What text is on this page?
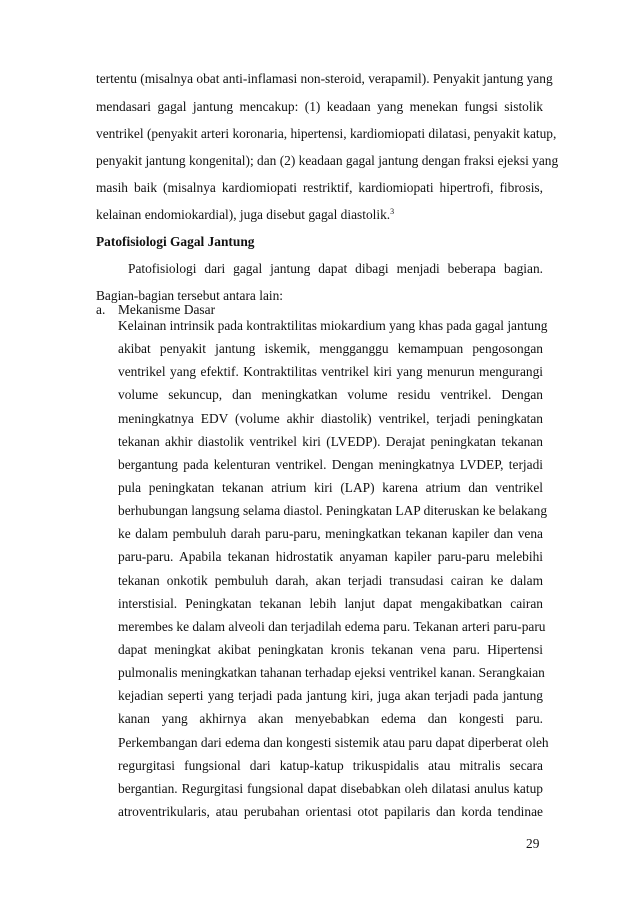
tertentu (misalnya obat anti-inflamasi non-steroid, verapamil). Penyakit jantung yang
mendasari gagal jantung mencakup: (1) keadaan yang menekan fungsi sistolik
ventrikel (penyakit arteri koronaria, hipertensi, kardiomiopati dilatasi, penyakit katup,
penyakit jantung kongenital); dan (2) keadaan gagal jantung dengan fraksi ejeksi yang
masih baik (misalnya kardiomiopati restriktif, kardiomiopati hipertrofi, fibrosis,
kelainan endomiokardial), juga disebut gagal diastolik.$^3$
Patofisiologi Gagal Jantung
Patofisiologi dari gagal jantung dapat dibagi menjadi beberapa bagian.
Bagian-bagian tersebut antara lain:
a. Mekanisme Dasar
Kelainan intrinsik pada kontraktilitas miokardium yang khas pada gagal jantung
akibat penyakit jantung iskemik, mengganggu kemampuan pengosongan
ventrikel yang efektif. Kontraktilitas ventrikel kiri yang menurun mengurangi
volume sekuncup, dan meningkatkan volume residu ventrikel. Dengan
meningkatnya EDV (volume akhir diastolik) ventrikel, terjadi peningkatan
tekanan akhir diastolik ventrikel kiri (LVEDP). Derajat peningkatan tekanan
bergantung pada kelenturan ventrikel. Dengan meningkatnya LVDEP, terjadi
pula peningkatan tekanan atrium kiri (LAP) karena atrium dan ventrikel
berhubungan langsung selama diastol. Peningkatan LAP diteruskan ke belakang
ke dalam pembuluh darah paru-paru, meningkatkan tekanan kapiler dan vena
paru-paru. Apabila tekanan hidrostatik anyaman kapiler paru-paru melebihi
tekanan onkotik pembuluh darah, akan terjadi transudasi cairan ke dalam
interstisial. Peningkatan tekanan lebih lanjut dapat mengakibatkan cairan
merembes ke dalam alveoli dan terjadilah edema paru. Tekanan arteri paru-paru
dapat meningkat akibat peningkatan kronis tekanan vena paru. Hipertensi
pulmonalis meningkatkan tahanan terhadap ejeksi ventrikel kanan. Serangkaian
kejadian seperti yang terjadi pada jantung kiri, juga akan terjadi pada jantung
kanan yang akhirnya akan menyebabkan edema dan kongesti paru.
Perkembangan dari edema dan kongesti sistemik atau paru dapat diperberat oleh
regurgitasi fungsional dari katup-katup trikuspidalis atau mitralis secara
bergantian. Regurgitasi fungsional dapat disebabkan oleh dilatasi anulus katup
atroventrikularis, atau perubahan orientasi otot papilaris dan korda tendinae
29
